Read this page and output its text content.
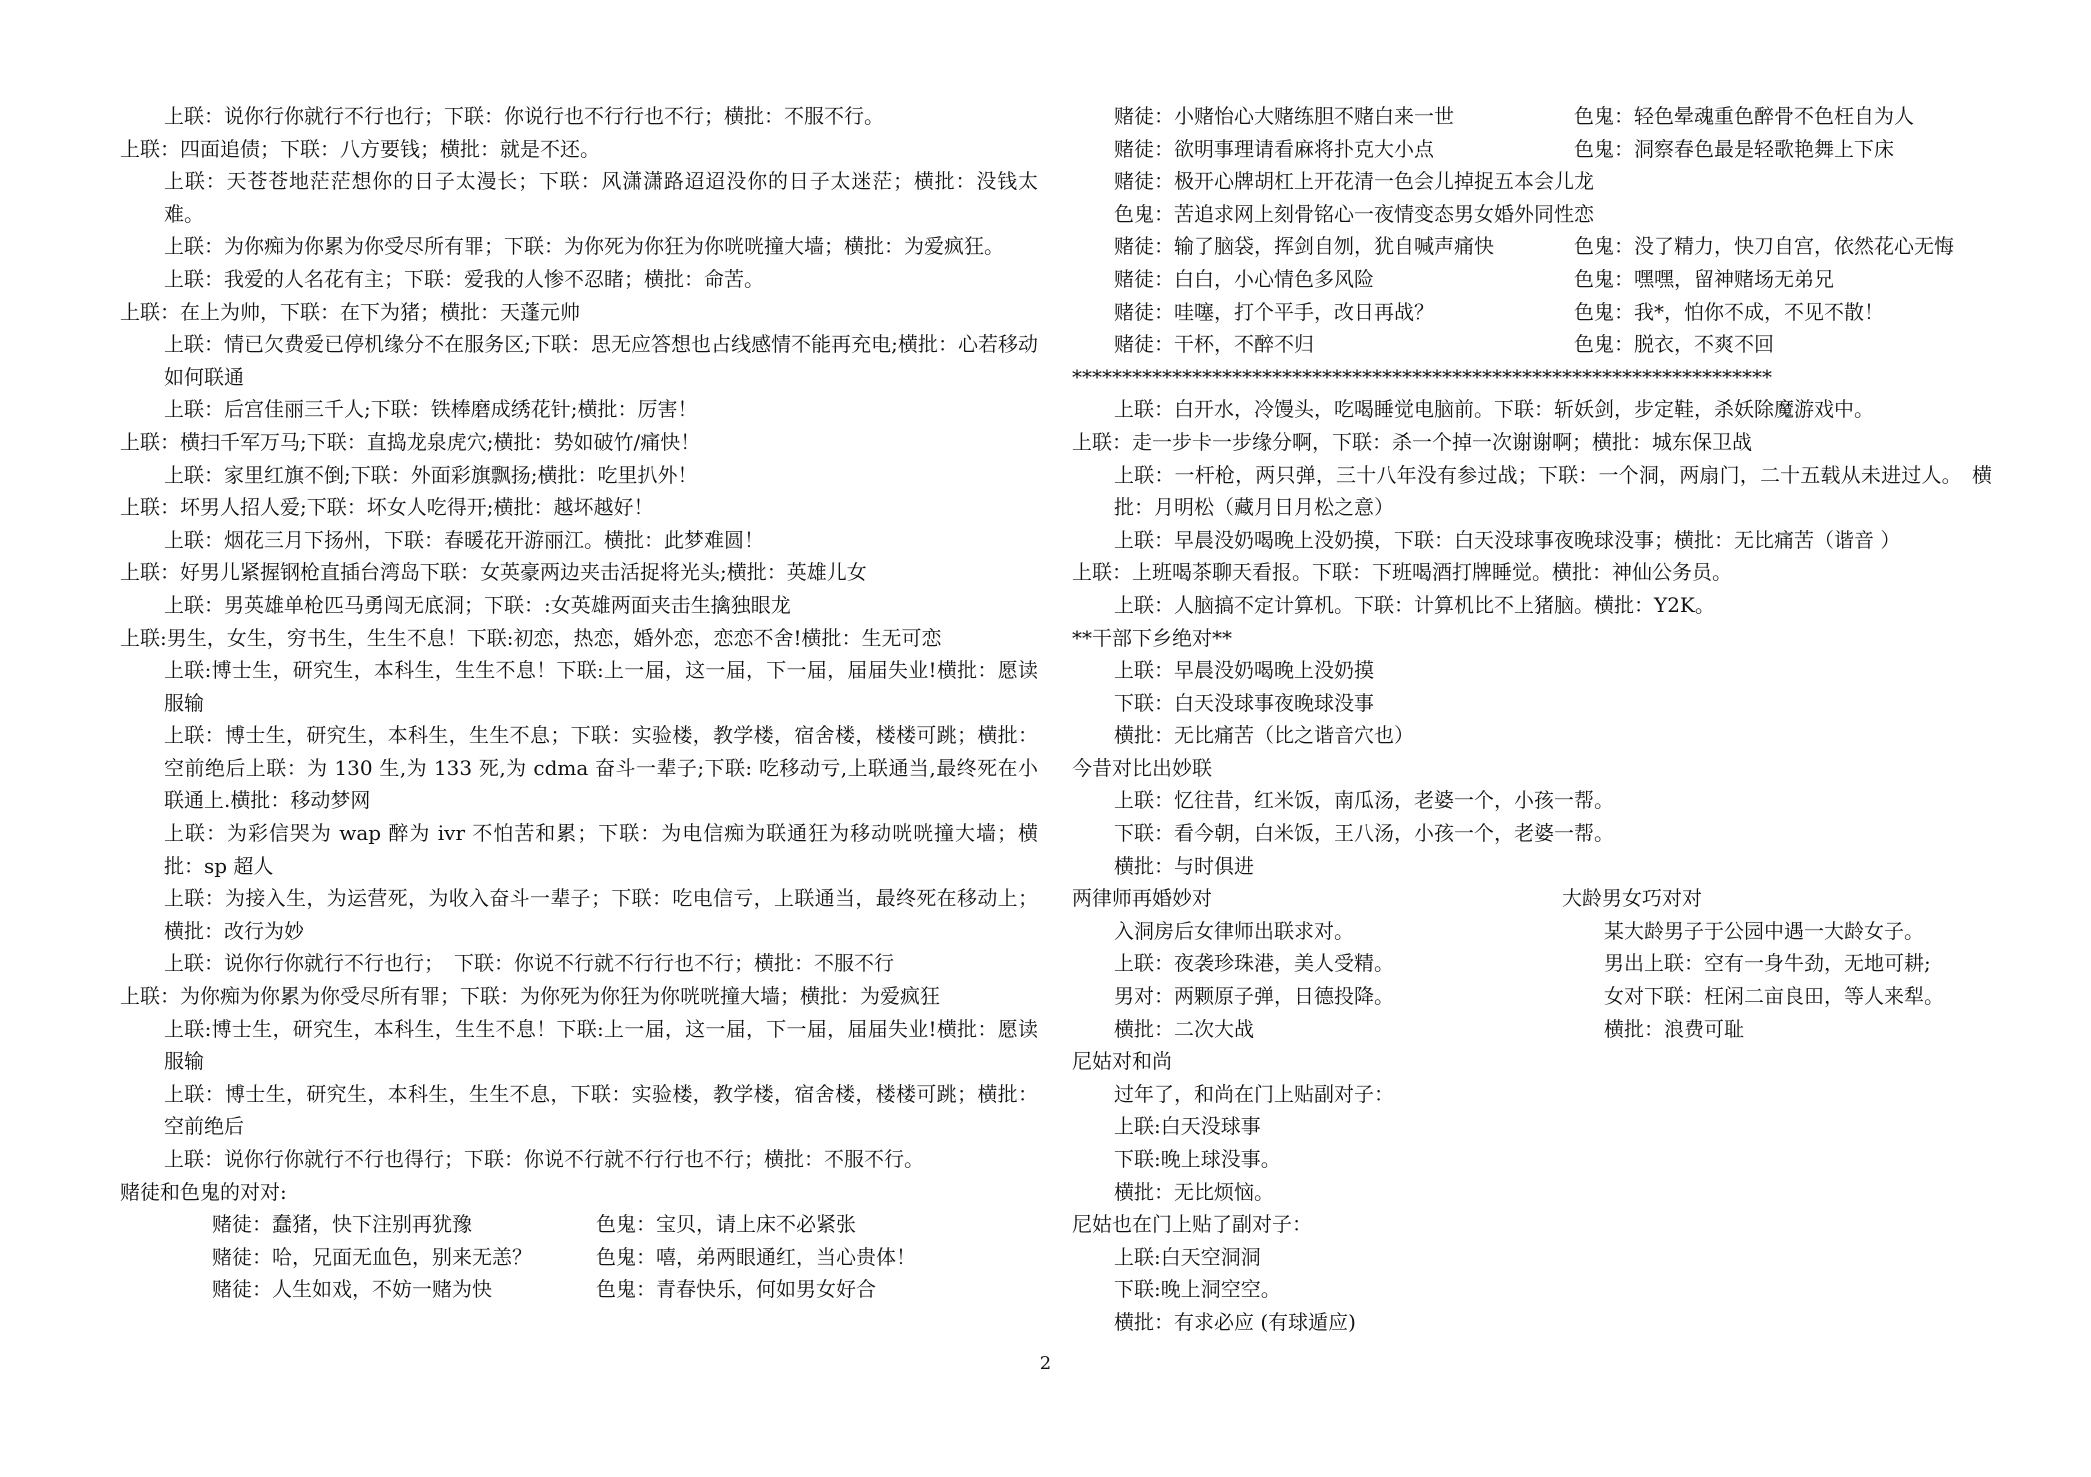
上联：说你行你就行不行也行；下联：你说行也不行行也不行；横批：不服不行。
上联：四面追债；下联：八方要钱；横批：就是不还。
上联：天苍苍地茫茫想你的日子太漫长；下联：风潇潇路迢迢没你的日子太迷茫；横批：没钱太难。
上联：为你痴为你累为你受尽所有罪；下联：为你死为你狂为你咣咣撞大墙；横批：为爱疯狂。
上联：我爱的人名花有主；下联：爱我的人惨不忍睹；横批：命苦。
上联：在上为帅，下联：在下为猪；横批：天蓬元帅
上联：情已欠费爱已停机缘分不在服务区;下联：思无应答想也占线感情不能再充电;横批：心若移动如何联通
上联：后宫佳丽三千人;下联：铁棒磨成绣花针;横批：厉害！
上联：横扫千军万马;下联：直捣龙泉虎穴;横批：势如破竹/痛快！
上联：家里红旗不倒;下联：外面彩旗飘扬;横批：吃里扒外！
上联：坏男人招人爱;下联：坏女人吃得开;横批：越坏越好！
上联：烟花三月下扬州，下联：春暖花开游丽江。横批：此梦难圆！
上联：好男儿紧握钢枪直插台湾岛下联：女英豪两边夹击活捉将光头;横批：英雄儿女
上联：男英雄单枪匹马勇闯无底洞；下联：:女英雄两面夹击生擒独眼龙
上联:男生，女生，穷书生，生生不息！下联:初恋，热恋，婚外恋，恋恋不舍!横批：生无可恋
上联:博士生，研究生，本科生，生生不息！下联:上一届，这一届，下一届，届届失业!横批：愿读服输
上联：博士生，研究生，本科生，生生不息；下联：实验楼，教学楼，宿舍楼，楼楼可跳；横批：空前绝后上联：为 130 生,为 133 死,为 cdma 奋斗一辈子;下联: 吃移动亏,上联通当,最终死在小联通上.横批：移动梦网
上联：为彩信哭为 wap 醉为 ivr 不怕苦和累；下联：为电信痴为联通狂为移动咣咣撞大墙；横批：sp 超人
上联：为接入生，为运营死，为收入奋斗一辈子；下联：吃电信亏，上联通当，最终死在移动上；横批：改行为妙
上联：说你行你就行不行也行；　下联：你说不行就不行行也不行；横批：不服不行
上联：为你痴为你累为你受尽所有罪；下联：为你死为你狂为你咣咣撞大墙；横批：为爱疯狂
上联:博士生，研究生，本科生，生生不息！下联:上一届，这一届，下一届，届届失业!横批：愿读服输
上联：博士生，研究生，本科生，生生不息，下联：实验楼，教学楼，宿舍楼，楼楼可跳；横批：空前绝后
上联：说你行你就行不行也得行；下联：你说不行就不行行也不行；横批：不服不行。
赌徒和色鬼的对对:
赌徒：蠢猪，快下注别再犹豫	色鬼：宝贝，请上床不必紧张
赌徒：哈，兄面无血色，别来无恙？	色鬼：嘻，弟两眼通红，当心贵体！
赌徒：人生如戏，不妨一赌为快	色鬼：青春快乐，何如男女好合
赌徒：小赌怡心大赌练胆不赌白来一世	色鬼：轻色晕魂重色醉骨不色枉自为人
赌徒：欲明事理请看麻将扑克大小点	色鬼：洞察春色最是轻歌艳舞上下床
赌徒：极开心牌胡杠上开花清一色会儿掉捉五本会儿龙
色鬼：苦追求网上刻骨铭心一夜情变态男女婚外同性恋
赌徒：输了脑袋，挥剑自刎，犹自喊声痛快	色鬼：没了精力，快刀自宫，依然花心无悔
赌徒：白白，小心情色多风险	色鬼：嘿嘿，留神赌场无弟兄
赌徒：哇噻，打个平手，改日再战？	色鬼：我*，怕你不成，不见不散！
赌徒：干杯，不醉不归	色鬼：脱衣，不爽不回
**********************************************************************
上联：白开水，冷馒头，吃喝睡觉电脑前。下联：斩妖剑，步定鞋，杀妖除魔游戏中。
上联：走一步卡一步缘分啊，下联：杀一个掉一次谢谢啊；横批：城东保卫战
上联：一杆枪，两只弹，三十八年没有参过战；下联：一个洞，两扇门，二十五载从未进过人。　横批：月明松（藏月日月松之意）
上联：早晨没奶喝晚上没奶摸，下联：白天没球事夜晚球没事；横批：无比痛苦（谐音 ）
上联：上班喝茶聊天看报。下联：下班喝酒打牌睡觉。横批：神仙公务员。
上联：人脑搞不定计算机。下联：计算机比不上猪脑。横批：Y2K。
**干部下乡绝对**
上联：早晨没奶喝晚上没奶摸
下联：白天没球事夜晚球没事
横批：无比痛苦（比之谐音穴也）
今昔对比出妙联
上联：忆往昔，红米饭，南瓜汤，老婆一个，小孩一帮。
下联：看今朝，白米饭，王八汤，小孩一个，老婆一帮。
横批：与时俱进
两律师再婚妙对
入洞房后女律师出联求对。
上联：夜袭珍珠港，美人受精。
男对：两颗原子弹，日德投降。
横批：二次大战
大龄男女巧对对
某大龄男子于公园中遇一大龄女子。
男出上联：空有一身牛劲，无地可耕;
女对下联：枉闲二亩良田，等人来犁。
横批：浪费可耻
尼姑对和尚
过年了，和尚在门上贴副对子：
上联:白天没球事
下联:晚上球没事。
横批：无比烦恼。
尼姑也在门上贴了副对子：
上联:白天空洞洞
下联:晚上洞空空。
横批：有求必应 (有球遁应)
2
